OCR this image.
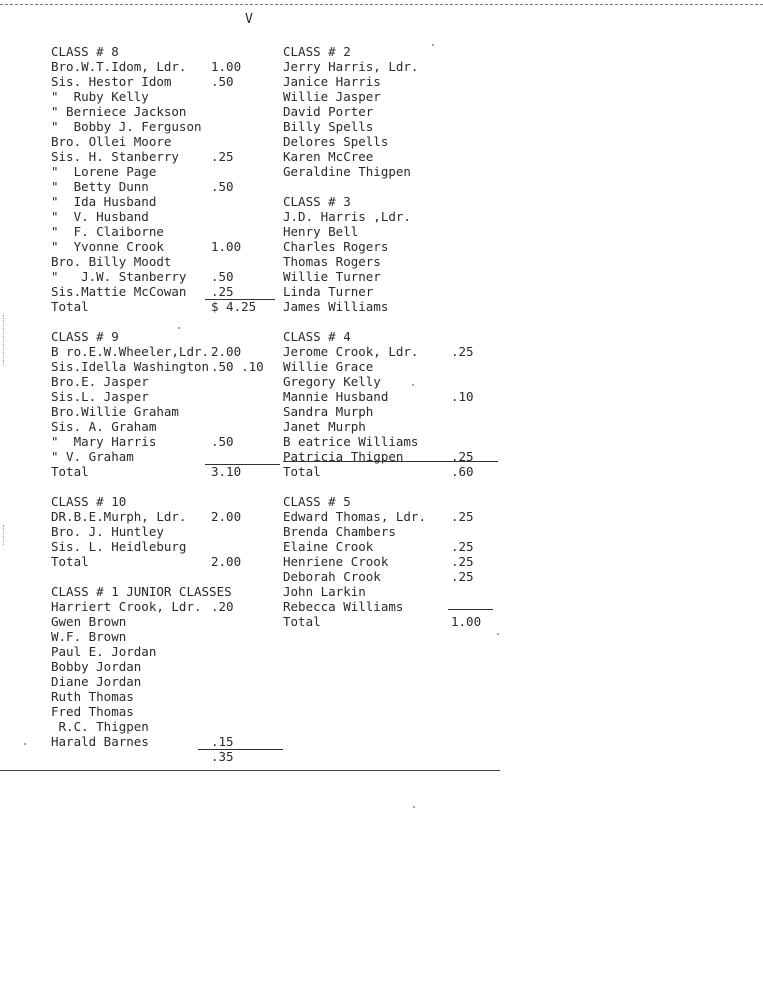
V
CLASS # 8
Bro.W.T.Idom, Ldr. 1.00
Sis. Hestor Idom	.50
"  Ruby Kelly
" Berniece Jackson
"  Bobby J. Ferguson
Bro. Ollei Moore
Sis. H. Stanberry	.25
"  Lorene Page
"  Betty Dunn	.50
"  Ida Husband
"  V. Husband
"  F. Claiborne
"  Yvonne Crook	1.00
Bro. Billy Moodt
"   J.W. Stanberry .50
Sis.Mattie McCowan .25
Total	$ 4.25
CLASS # 9
B ro.E.W.Wheeler,Ldr. 2.00
Sis.Idella Washington .50 .10
Bro.E. Jasper
Sis.L. Jasper
Bro.Willie Graham
Sis. A. Graham
"  Mary Harris	.50
" V. Graham
Total	3.10
CLASS # 10
DR.B.E.Murph, Ldr. 2.00
Bro. J. Huntley
Sis. L. Heidleburg
Total	2.00
CLASS # 1 JUNIOR CLASSES
Harriert Crook, Ldr. .20
Gwen Brown
W.F. Brown
Paul E. Jordan
Bobby Jordan
Diane Jordan
Ruth Thomas
Fred Thomas
R.C. Thigpen
Harald Barnes	.15
.35
CLASS # 2
Jerry Harris, Ldr.
Janice Harris
Willie Jasper
David Porter
Billy Spells
Delores Spells
Karen McCree
Geraldine Thigpen
CLASS # 3
J.D. Harris ,Ldr.
Henry Bell
Charles Rogers
Thomas Rogers
Willie Turner
Linda Turner
James Williams
CLASS # 4
Jerome Crook, Ldr.	.25
Willie Grace
Gregory Kelly
Mannie Husband	.10
Sandra Murph
Janet Murph
B eatrice Williams
Patricia Thigpen	.25
Total	.60
CLASS # 5
Edward Thomas, Ldr. .25
Brenda Chambers
Elaine Crook	.25
Henriene Crook	.25
Deborah Crook	.25
John Larkin
Rebecca Williams
Total	1.00
